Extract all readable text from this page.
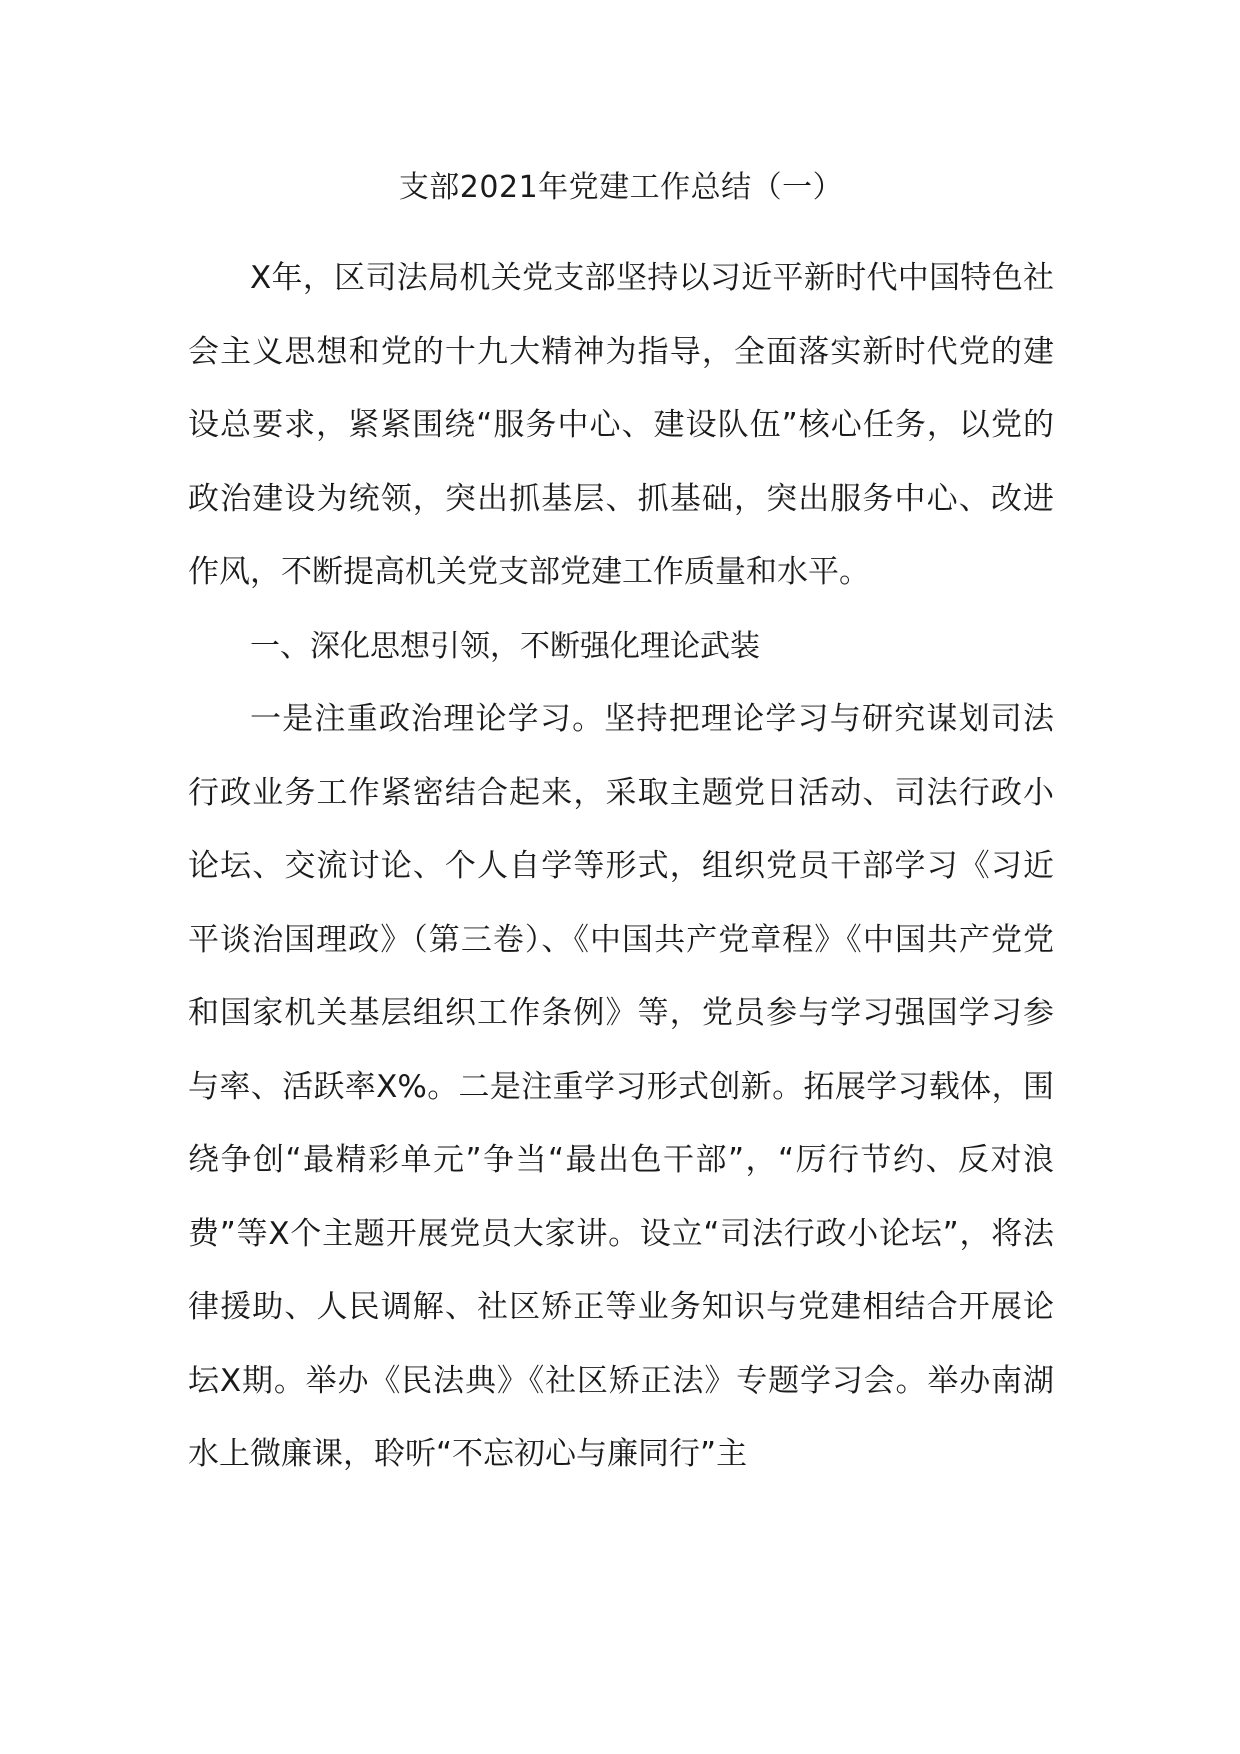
支部2021年党建工作总结（一）

X年，区司法局机关党支部坚持以习近平新时代中国特色社会主义思想和党的十九大精神为指导，全面落实新时代党的建设总要求，紧紧围绕“服务中心、建设队伍”核心任务，以党的政治建设为统领，突出抓基层、抓基础，突出服务中心、改进作风，不断提高机关党支部党建工作质量和水平。

一、深化思想引领，不断强化理论武装

一是注重政治理论学习。坚持把理论学习与研究谋划司法行政业务工作紧密结合起来，采取主题党日活动、司法行政小论坛、交流讨论、个人自学等形式，组织党员干部学习《习近平谈治国理政》（第三卷）、《中国共产党章程》《中国共产党党和国家机关基层组织工作条例》等，党员参与学习强国学习参与率、活跃率X%。二是注重学习形式创新。拓展学习载体，围绕争创“最精彩单元”争当“最出色干部”，“厉行节约、反对浪费”等X个主题开展党员大家讲。设立“司法行政小论坛”，将法律援助、人民调解、社区矫正等业务知识与党建相结合开展论坛X期。举办《民法典》《社区矫正法》专题学习会。举办南湖水上微廉课，聆听“不忘初心与廉同行”主
